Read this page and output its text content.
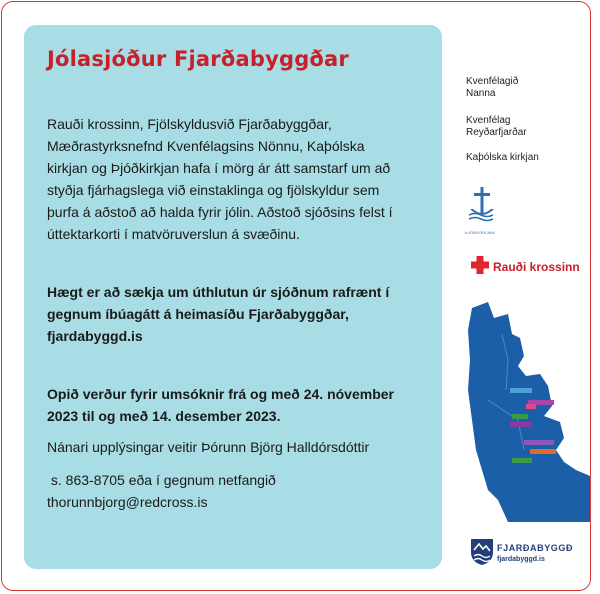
Jólasjóður Fjarðabyggðar

Rauði krossinn, Fjölskyldusvið Fjarðabyggðar,

Mæðrastyrksnefnd Kvenfélagsins Nönnu, Kaþólska

kirkjan og Þjóðkirkjan hafa í mörg ár átt samstarf um að

styðja fjárhagslega við einstaklinga og fjölskyldur sem

þurfa á aðstoð að halda fyrir jólin. Aðstoð sjóðsins felst í

úttektarkorti í matvöruverslun á svæðinu.

Hægt er að sækja um úthlutun úr sjóðnum rafrænt í

gegnum íbúagátt á heimasíðu Fjarðabyggðar,

fjardabyggd.is

Opið verður fyrir umsóknir frá og með 24. nóvember

2023 til og með 14. desember 2023.

Nánari upplýsingar veitir Þórunn Björg Halldórsdóttir

s. 863-8705 eða í gegnum netfangið

thorunnbjorg@redcross.is

Kvenfélagið
Nanna

Kvenfélag
Reyðarfjarðar

Kaþólska kirkjan

ÞJÓÐKIRKJAN
Rauði krossinn
FJARÐABYGGÐ
fjardabyggd.is
